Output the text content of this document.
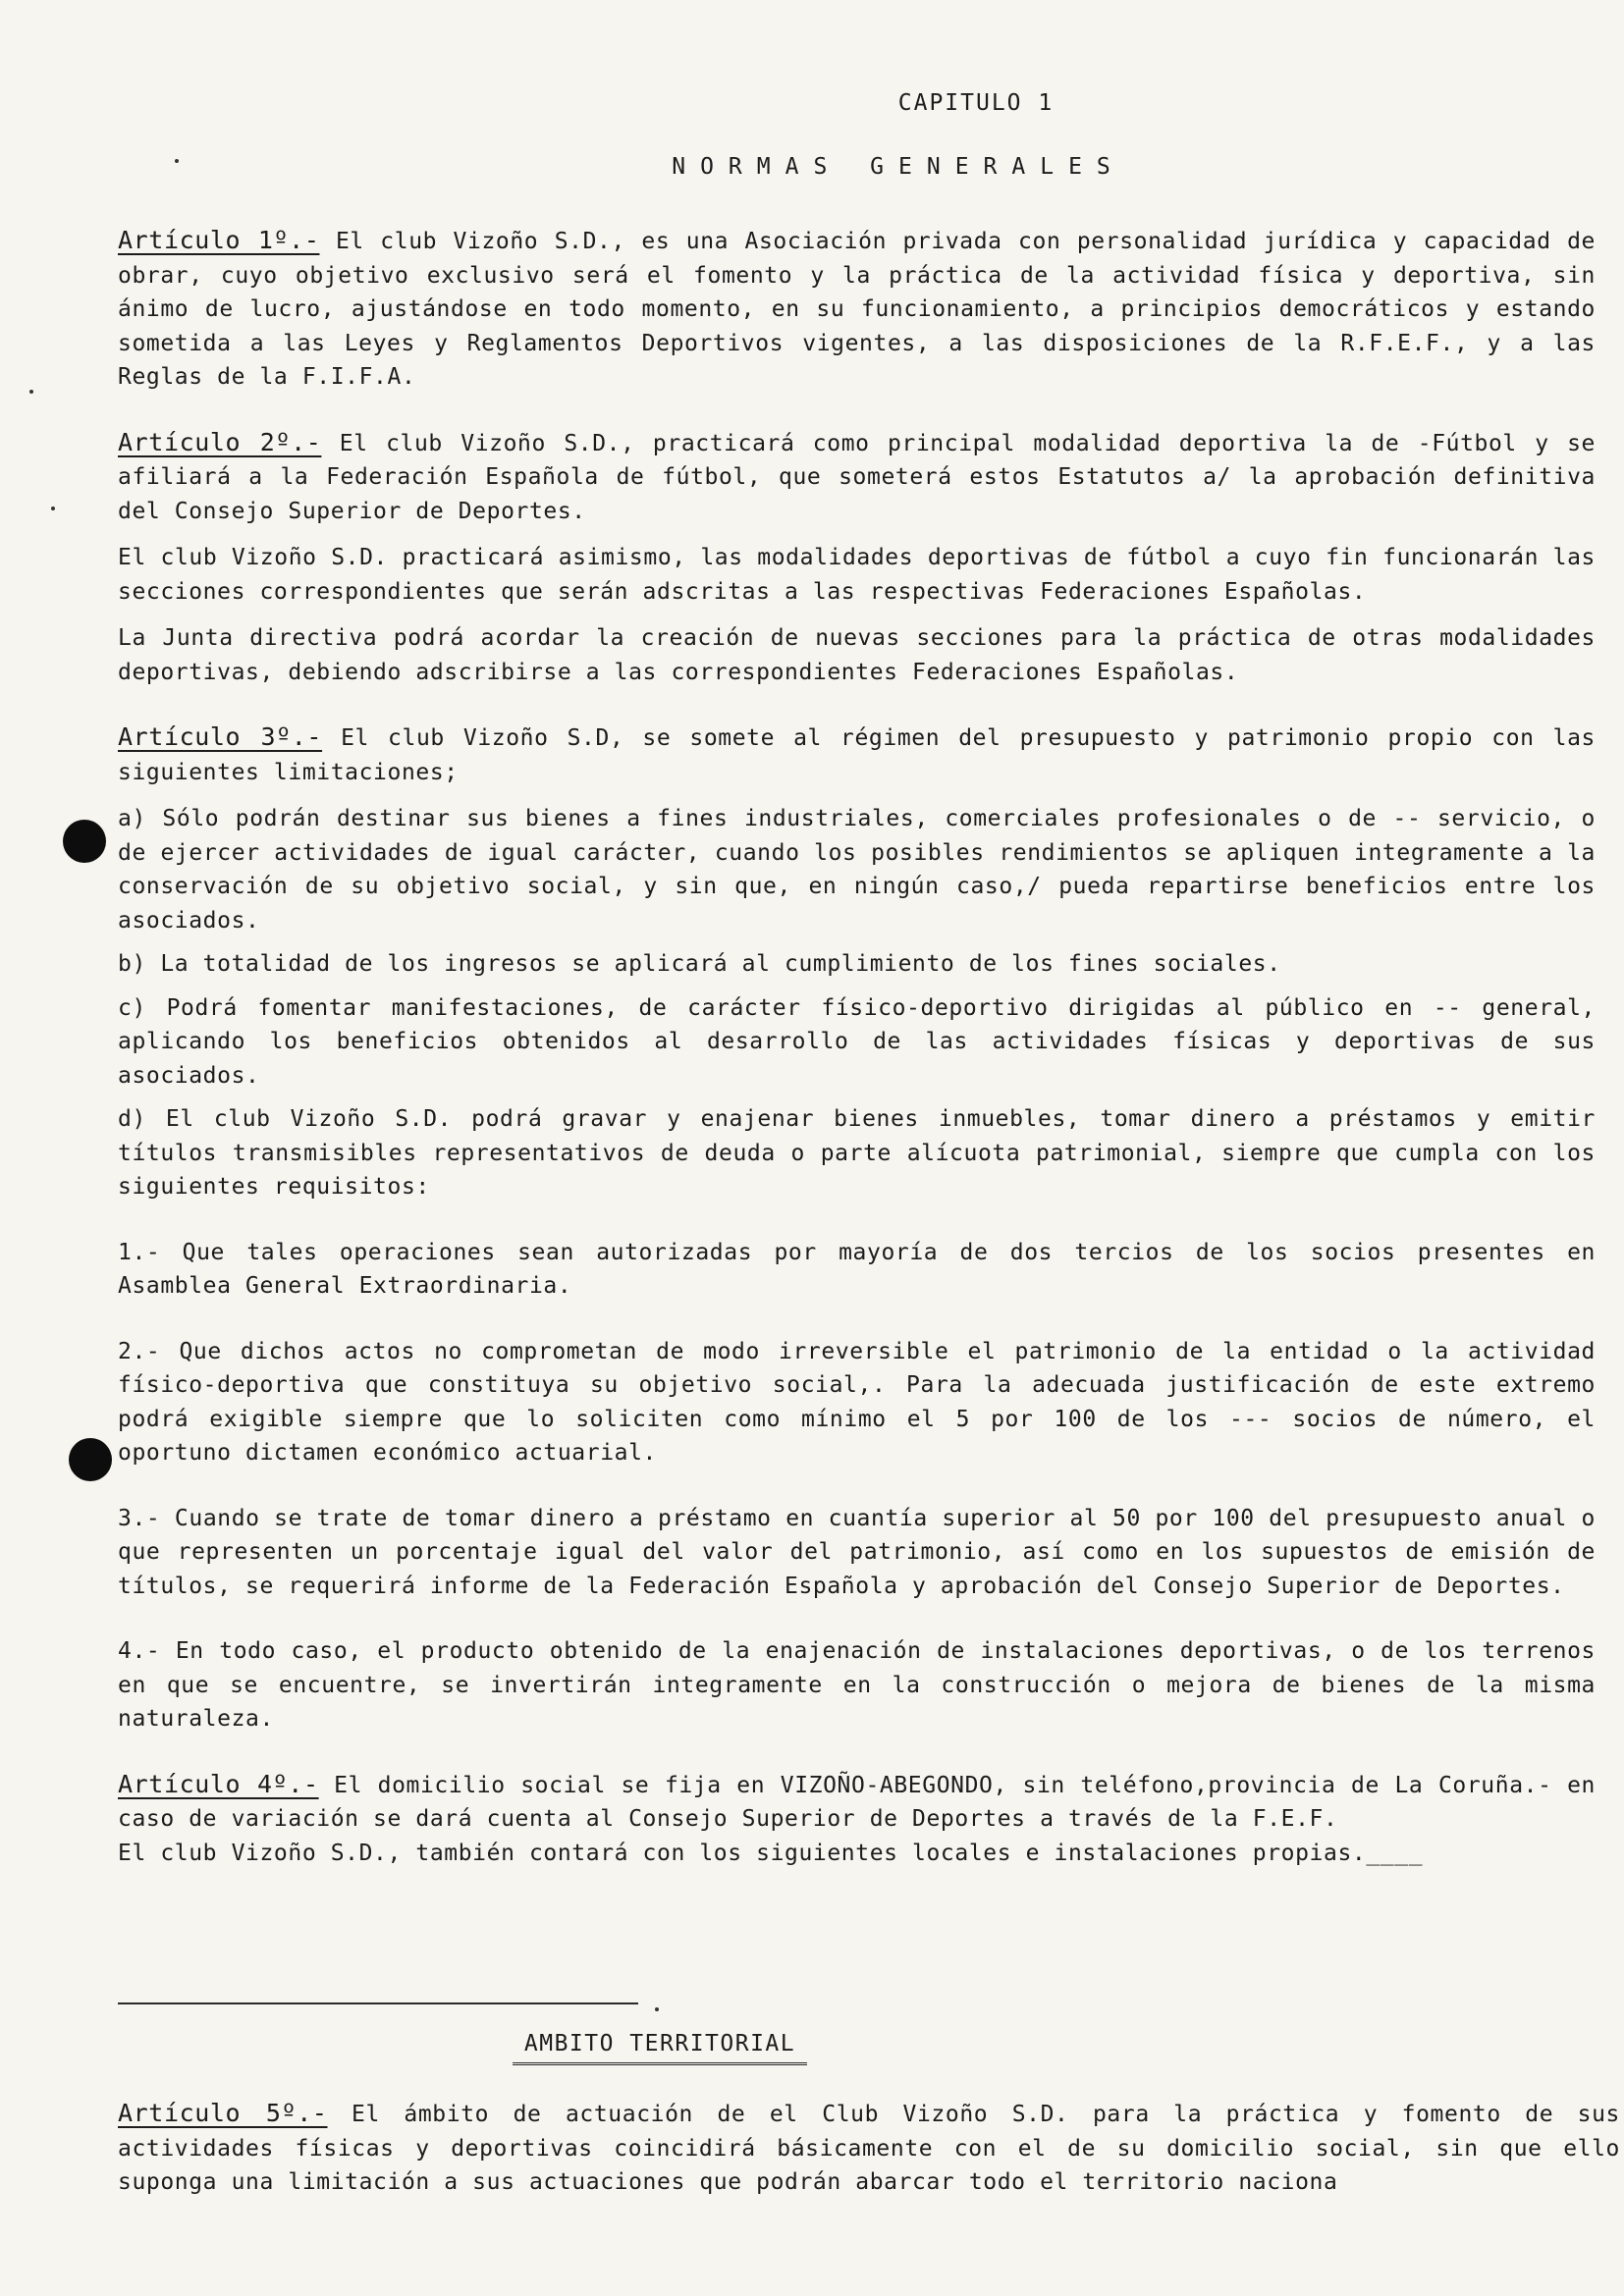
CAPITULO 1
NORMAS GENERALES

Artículo 1º.- El club Vizoño S.D., es una Asociación privada con personalidad jurídica y capacidad de obrar, cuyo objetivo exclusivo será el fomento y la práctica de la actividad física y deportiva, sin ánimo de lucro, ajustándose en todo momento, en su funcionamiento, a principios democráticos y estando sometida a las Leyes y Reglamentos Deportivos vigentes, a las disposiciones de la R.F.E.F., y a las Reglas de la F.I.F.A.

Artículo 2º.- El club Vizoño S.D., practicará como principal modalidad deportiva la de -Fútbol y se afiliará a la Federación Española de fútbol, que someterá estos Estatutos a/ la aprobación definitiva del Consejo Superior de Deportes.

El club Vizoño S.D. practicará asimismo, las modalidades deportivas de fútbol a cuyo fin funcionarán las secciones correspondientes que serán adscritas a las respectivas Federaciones Españolas.

La Junta directiva podrá acordar la creación de nuevas secciones para la práctica de otras modalidades deportivas, debiendo adscribirse a las correspondientes Federaciones Españolas.

Artículo 3º.- El club Vizoño S.D, se somete al régimen del presupuesto y patrimonio propio con las siguientes limitaciones;

a) Sólo podrán destinar sus bienes a fines industriales, comerciales profesionales o de -- servicio, o de ejercer actividades de igual carácter, cuando los posibles rendimientos se apliquen integramente a la conservación de su objetivo social, y sin que, en ningún caso,/ pueda repartirse beneficios entre los asociados.

b) La totalidad de los ingresos se aplicará al cumplimiento de los fines sociales.

c) Podrá fomentar manifestaciones, de carácter físico-deportivo dirigidas al público en -- general, aplicando los beneficios obtenidos al desarrollo de las actividades físicas y deportivas de sus asociados.

d) El club Vizoño S.D. podrá gravar y enajenar bienes inmuebles, tomar dinero a préstamos y emitir títulos transmisibles representativos de deuda o parte alícuota patrimonial, siempre que cumpla con los siguientes requisitos:

1.- Que tales operaciones sean autorizadas por mayoría de dos tercios de los socios presentes en Asamblea General Extraordinaria.

2.- Que dichos actos no comprometan de modo irreversible el patrimonio de la entidad o la actividad físico-deportiva que constituya su objetivo social,. Para la adecuada justificación de este extremo podrá exigible siempre que lo soliciten como mínimo el 5 por 100 de los --- socios de número, el oportuno dictamen económico actuarial.

3.- Cuando se trate de tomar dinero a préstamo en cuantía superior al 50 por 100 del presupuesto anual o que representen un porcentaje igual del valor del patrimonio, así como en los supuestos de emisión de títulos, se requerirá informe de la Federación Española y aprobación del Consejo Superior de Deportes.

4.- En todo caso, el producto obtenido de la enajenación de instalaciones deportivas, o de los terrenos en que se encuentre, se invertirán integramente en la construcción o mejora de bienes de la misma naturaleza.

Artículo 4º.- El domicilio social se fija en VIZOÑO-ABEGONDO, sin teléfono,provincia de La Coruña.- en caso de variación se dará cuenta al Consejo Superior de Deportes a través de la F.E.F.

El club Vizoño S.D., también contará con los siguientes locales e instalaciones propias.____

AMBITO TERRITORIAL

Artículo 5º.- El ámbito de actuación de el Club Vizoño S.D. para la práctica y fomento de sus actividades físicas y deportivas coincidirá básicamente con el de su domicilio social, sin que ello suponga una limitación a sus actuaciones que podrán abarcar todo el territorio naciona
